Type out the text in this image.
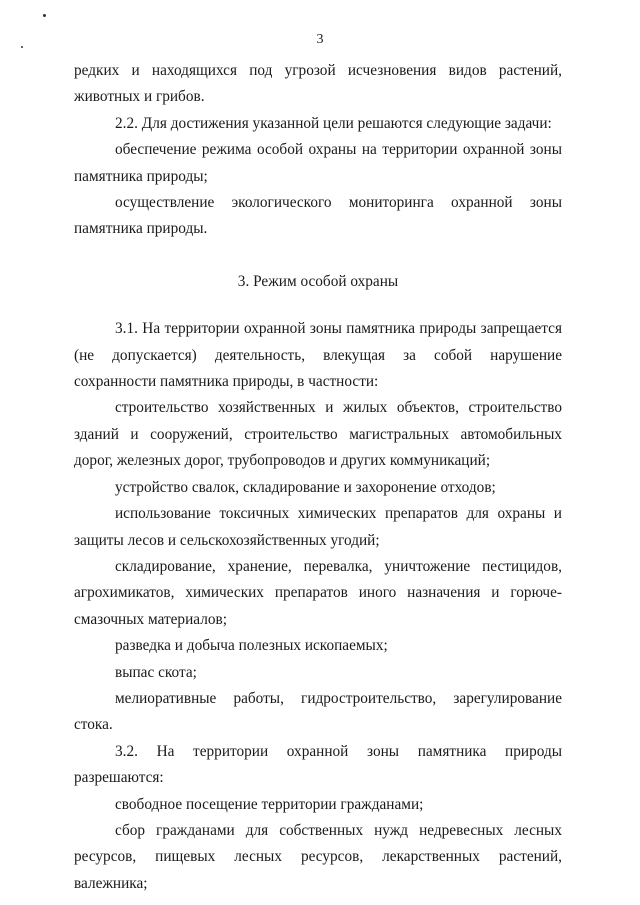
3

редких и находящихся под угрозой исчезновения видов растений, животных и грибов.

2.2. Для достижения указанной цели решаются следующие задачи:

обеспечение режима особой охраны на территории охранной зоны памятника природы;

осуществление экологического мониторинга охранной зоны памятника природы.

3. Режим особой охраны

3.1. На территории охранной зоны памятника природы запрещается (не допускается) деятельность, влекущая за собой нарушение сохранности памятника природы, в частности:

строительство хозяйственных и жилых объектов, строительство зданий и сооружений, строительство магистральных автомобильных дорог, железных дорог, трубопроводов и других коммуникаций;

устройство свалок, складирование и захоронение отходов;

использование токсичных химических препаратов для охраны и защиты лесов и сельскохозяйственных угодий;

складирование, хранение, перевалка, уничтожение пестицидов, агрохимикатов, химических препаратов иного назначения и горюче-смазочных материалов;

разведка и добыча полезных ископаемых;

выпас скота;

мелиоративные работы, гидростроительство, зарегулирование стока.

3.2. На территории охранной зоны памятника природы разрешаются:

свободное посещение территории гражданами;

сбор гражданами для собственных нужд недревесных лесных ресурсов, пищевых лесных ресурсов, лекарственных растений, валежника;
